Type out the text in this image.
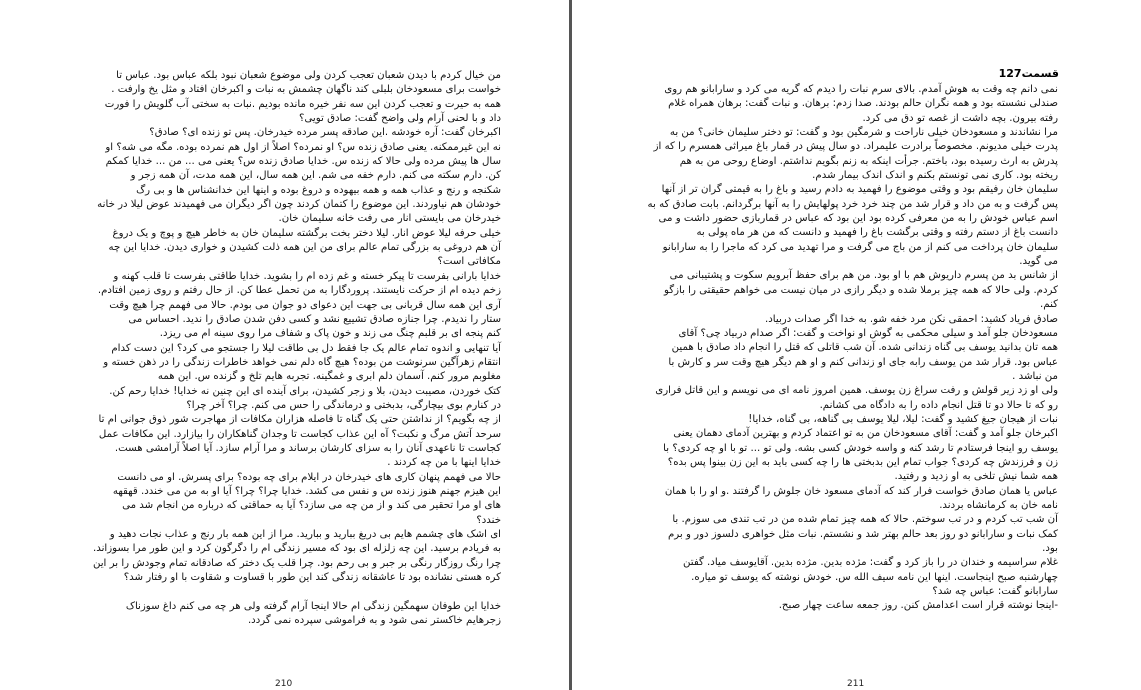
من خیال کردم با دیدن شعبان تعجب کردن ولی موضوع شعبان نبود بلکه عباس بود. عباس تا
خواست برای مسعودخان بلبلی کند ناگهان چشمش به نبات و اکبرخان افتاد و مثل یخ وارفت .
همه به حیرت و تعجب کردن این سه نفر خیره مانده بودیم .نبات به سختی آب گلویش را فورت
داد و با لحنی آرام ولی واضح گفت: صادق تویی؟
اکبرخان گفت: آره خودشه .این صادقه پسر مرده خیدرخان. پس تو زنده ای؟ صادق؟
نه این غیرممکنه. یعنی صادق زنده س؟ او نمرده؟ اصلاً از اول هم نمرده بوده. مگه می شه؟ او
سال ها پیش مرده ولی حالا که زنده س. خدایا صادق زنده س؟ یعنی می ... من ... خدایا کمکم
کن. دارم سکته می کنم. دارم خفه می شم. این همه سال، این همه مدت، آن همه زجر و
شکنجه و رنج و عذاب همه و همه بیهوده و دروغ بوده و اینها این خدانشناس ها و بی رگ
خودشان هم نیاوردند. این موضوع را کتمان کردند چون اگر دیگران می فهمیدند عوض لیلا در خانه
خیدرخان می بایستی انار می رفت خانه سلیمان خان.
خیلی حرفه لیلا عوض انار. لیلا دختر بخت برگشته سلیمان خان به خاطر هیچ و پوچ و یک دروغ
آن هم دروغی به بزرگی تمام عالم برای من این همه ذلت کشیدن و خواری دیدن. خدایا این چه
مکافاتی است؟
خدایا بارانی بفرست تا پیکر خسته و غم زده ام را بشوید. خدایا طاقتی بفرست تا قلب کهنه و
زخم دیده ام از حرکت نایستند. پروردگارا به من تحمل عطا کن. از حال رفتم و روی زمین افتادم.
آری این همه سال قربانی بی جهت این دعوای دو جوان می بودم. حالا می فهمم چرا هیچ وقت
ستار را ندیدم. چرا جنازه صادق تشییع نشد و کسی دفن شدن صادق را ندید. احساس می
کنم پنجه ای بر قلبم چنگ می زند و خون پاک و شفاف مرا روی سینه ام می ریزد.
آیا تنهایی و اندوه تمام عالم یک جا فقط دل بی طاقت لیلا را جستجو می کرد؟ این دست کدام
انتقام زهرآگین سرنوشت من بوده؟ هیچ گاه دلم نمی خواهد خاطرات زندگی را در ذهن خسته و
مغلوبم مرور کنم. آسمان دلم ابری و غمگینه. تجربه هایم تلخ و گزنده س. این همه
کتک خوردن، مصیبت دیدن، بلا و زجر کشیدن، برای آینده ای این چنین نه خدایا! خدایا رحم کن.
در کنارم بوی بیچارگی، بدبختی و درماندگی را حس می کنم. چرا؟ آخر چرا؟
از چه بگویم؟ از نداشتن حتی یک گناه تا فاصله هزاران مکافات از مهاجرت شور ذوق جوانی ام تا
سرحد آتش مرگ و نکبت؟ آه این عذاب کجاست تا وجدان گناهکاران را بیازارد. این مکافات عمل
کجاست تا ناعهدی آنان را به سزای کارشان برساند و مرا آرام سازد. آیا اصلاً آرامشی هست.
خدایا اینها با من چه کردند .
حالا می فهمم پنهان کاری های خیدرخان در ایلام برای چه بوده؟ برای پسرش. او می دانست
این هیزم جهنم هنوز زنده س و نفس می کشد. خدایا چرا؟ چرا؟ آیا او به من می خندد. قهقهه
های او مرا تحقیر می کند و از من چه می سازد؟ آیا به حماقتی که درباره من انجام شد می
خندد؟
ای اشک های چشمم هایم بی دریغ ببارید و ببارید. مرا از این همه بار رنج و عذاب نجات دهید و
به فریادم برسید. این چه زلزله ای بود که مسیر زندگی ام را دگرگون کرد و این طور مرا بسوزاند.
چرا رنگ روزگار رنگی بر جبر و بی رحم بود. چرا قلب یک دختر که صادقانه تمام وجودش را بر این
کره هستی نشانده بود تا عاشقانه زندگی کند این طور با قساوت و شقاوت با او رفتار شد؟
خدایا این طوفان سهمگین زندگی ام حالا اینجا آرام گرفته ولی هر چه می کنم داغ سوزناک
زجرهایم خاکستر نمی شود و به فراموشی سپرده نمی گردد.
210
قسمت127
نمی دانم چه وقت به هوش آمدم. بالای سرم نبات را دیدم که گریه می کرد و سارابانو هم روی
صندلی نشسته بود و همه نگران حالم بودند. صدا زدم: برهان. و نبات گفت: برهان همراه غلام
رفته بیرون. بچه داشت از غصه تو دق می کرد.
مرا نشاندند و مسعودخان خیلی ناراحت و شرمگین بود و گفت: تو دختر سلیمان خانی؟ من به
پدرت خیلی مدیونم. مخصوصاً برادرت علیمراد. دو سال پیش در قمار باغ میراثی همسرم را که از
پدرش به ارث رسیده بود، باختم. جرأت اینکه به زنم بگویم نداشتم. اوضاع روحی من به هم
ریخته بود. کاری نمی تونستم بکنم و اندک اندک بیمار شدم.
سلیمان خان رفیقم بود و وقتی موضوع را فهمید به دادم رسید و باغ را به قیمتی گران تر از آنها
پس گرفت و به من داد و قرار شد من چند خرد خرد پولهایش را به آنها برگردانم. بابت صادق که به
اسم عباس خودش را به من معرفی کرده بود این بود که عباس در قماربازی حضور داشت و می
دانست باغ از دستم رفته و وقتی برگشت باغ را فهمید و دانست که من هر ماه پولی به
سلیمان خان پرداخت می کنم از من باج می گرفت و مرا تهدید می کرد که ماجرا را به سارابانو
می گوید.
از شانس بد من پسرم داریوش هم با او بود. من هم برای حفظ آبرویم سکوت و پشتیبانی می
کردم. ولی حالا که همه چیز برملا شده و دیگر رازی در میان نیست می خواهم حقیقتی را بازگو
کنم.
صادق فریاد کشید: احمقی نکن مرد خفه شو. به خدا اگر صدات دربیاد.
مسعودخان جلو آمد و سیلی محکمی به گوش او نواخت و گفت: اگر صدام دربیاد چی؟ آقای
همه تان بدانید یوسف بی گناه زندانی شده. آن شب قاتلی که قتل را انجام داد صادق با همین
عباس بود. قرار شد من یوسف رابه جای او زندانی کنم و او هم دیگر هیچ وقت سر و کارش با
من نباشد .
ولی او زد زیر قولش و رفت سراغ زن یوسف. همین امروز نامه ای می نویسم و این قاتل فراری
رو که تا حالا دو تا قتل انجام داده را به دادگاه می کشانم.
نبات از هیجان جیغ کشید و گفت: لیلا، لیلا یوسف بی گناهه، بی گناه، خدایا!
اکبرخان جلو آمد و گفت: آقای مسعودخان من به تو اعتماد کردم و بهترین آدمای دهمان یعنی
یوسف رو اینجا فرستادم تا رشد کنه و واسه خودش کسی بشه. ولی تو ... تو با او چه کردی؟ با
زن و فرزندش چه کردی؟ جواب تمام این بدبختی ها را چه کسی باید به این زن بینوا پس بده؟
همه شما نیش تلخی به او زدید و رفتید.
عباس یا همان صادق خواست فرار کند که آدمای مسعود خان جلوش را گرفتند .و او را با همان
نامه خان به کرمانشاه بردند.
آن شب تب کردم و در تب سوختم. حالا که همه چیز تمام شده من در تب تندی می سوزم. با
کمک نبات و سارابانو دو روز بعد حالم بهتر شد و نشستم. نبات مثل خواهری دلسوز دور و برم
بود.
غلام سراسیمه و خندان در را باز کرد و گفت: مژده بدین. مژده بدین. آقایوسف میاد. گفتن
چهارشنبه صبح اینجاست. اینها این نامه سیف الله س. خودش نوشته که یوسف تو میاره.
سارابانو گفت: عباس چه شد؟
-اینجا نوشته قرار است اعدامش کنن. روز جمعه ساعت چهار صبح.
211
